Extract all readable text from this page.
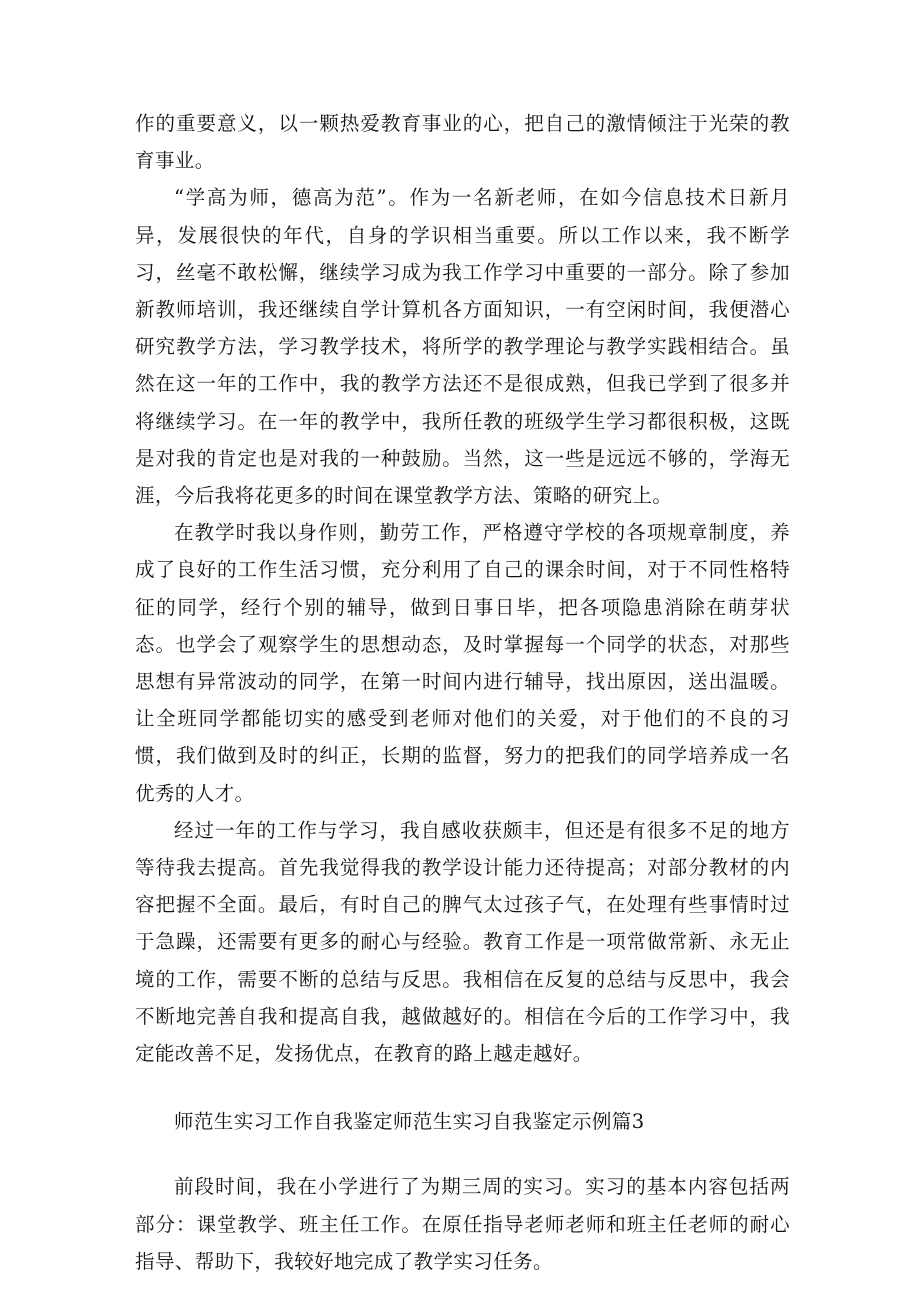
作的重要意义，以一颗热爱教育事业的心，把自己的激情倾注于光荣的教育事业。

“学高为师，德高为范”。作为一名新老师，在如今信息技术日新月异，发展很快的年代，自身的学识相当重要。所以工作以来，我不断学习，丝毫不敢松懈，继续学习成为我工作学习中重要的一部分。除了参加新教师培训，我还继续自学计算机各方面知识，一有空闲时间，我便潜心研究教学方法，学习教学技术，将所学的教学理论与教学实践相结合。虽然在这一年的工作中，我的教学方法还不是很成熟，但我已学到了很多并将继续学习。在一年的教学中，我所任教的班级学生学习都很积极，这既是对我的肯定也是对我的一种鼓励。当然，这一些是远远不够的，学海无涯，今后我将花更多的时间在课堂教学方法、策略的研究上。

在教学时我以身作则，勤劳工作，严格遵守学校的各项规章制度，养成了良好的工作生活习惯，充分利用了自己的课余时间，对于不同性格特征的同学，经行个别的辅导，做到日事日毕，把各项隐患消除在萌芽状态。也学会了观察学生的思想动态，及时掌握每一个同学的状态，对那些思想有异常波动的同学，在第一时间内进行辅导，找出原因，送出温暖。让全班同学都能切实的感受到老师对他们的关爱，对于他们的不良的习惯，我们做到及时的纠正，长期的监督，努力的把我们的同学培养成一名优秀的人才。

经过一年的工作与学习，我自感收获颇丰，但还是有很多不足的地方等待我去提高。首先我觉得我的教学设计能力还待提高；对部分教材的内容把握不全面。最后，有时自己的脾气太过孩子气，在处理有些事情时过于急躁，还需要有更多的耐心与经验。教育工作是一项常做常新、永无止境的工作，需要不断的总结与反思。我相信在反复的总结与反思中，我会不断地完善自我和提高自我，越做越好的。相信在今后的工作学习中，我定能改善不足，发扬优点，在教育的路上越走越好。

师范生实习工作自我鉴定师范生实习自我鉴定示例篇3

前段时间，我在小学进行了为期三周的实习。实习的基本内容包括两部分：课堂教学、班主任工作。在原任指导老师老师和班主任老师的耐心指导、帮助下，我较好地完成了教学实习任务。
